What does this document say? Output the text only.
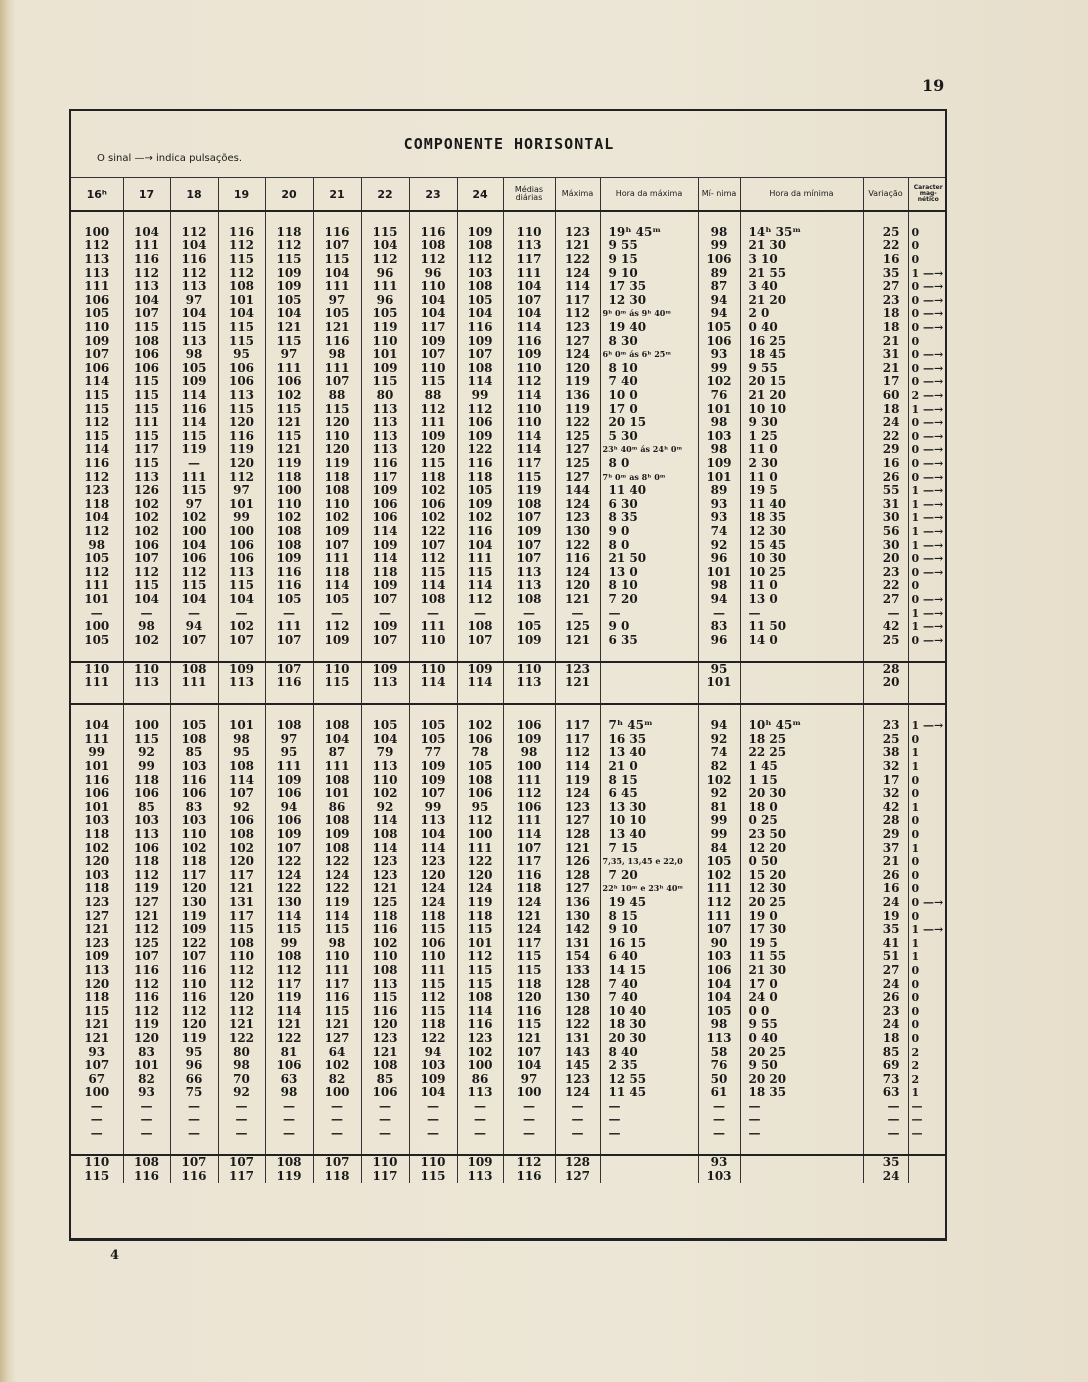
19
COMPONENTE HORISONTAL
O sinal —→ indica pulsações.
16ʰ	17	18	19	20	21	22	23	24	Médias diárias	Máxima	Hora da máxima	Mí- nima	Hora da mínima	Variação	Caracter mag- nético

100	104	112	116	118	116	115	116	109	110	123	19ʰ 45ᵐ	98	14ʰ 35ᵐ	25	0
112	111	104	112	112	107	104	108	108	113	121	9 55	99	21 30	22	0
113	116	116	115	115	115	112	112	112	117	122	9 15	106	3 10	16	0
113	112	112	112	109	104	96	96	103	111	124	9 10	89	21 55	35	1 —→
111	113	113	108	109	111	111	110	108	104	114	17 35	87	3 40	27	0 —→
106	104	97	101	105	97	96	104	105	107	117	12 30	94	21 20	23	0 —→
105	107	104	104	104	105	105	104	104	104	112	9ʰ 0ᵐ ás 9ʰ 40ᵐ	94	2 0	18	0 —→
110	115	115	115	121	121	119	117	116	114	123	19 40	105	0 40	18	0 —→
109	108	113	115	115	116	110	109	109	116	127	8 30	106	16 25	21	0
107	106	98	95	97	98	101	107	107	109	124	6ʰ 0ᵐ ás 6ʰ 25ᵐ	93	18 45	31	0 —→
106	106	105	106	111	111	109	110	108	110	120	8 10	99	9 55	21	0 —→
114	115	109	106	106	107	115	115	114	112	119	7 40	102	20 15	17	0 —→
115	115	114	113	102	88	80	88	99	114	136	10 0	76	21 20	60	2 —→
115	115	116	115	115	115	113	112	112	110	119	17 0	101	10 10	18	1 —→
112	111	114	120	121	120	113	111	106	110	122	20 15	98	9 30	24	0 —→
115	115	115	116	115	110	113	109	109	114	125	5 30	103	1 25	22	0 —→
114	117	119	119	121	120	113	120	122	114	127	23ʰ 40ᵐ ás 24ʰ 0ᵐ	98	11 0	29	0 —→
116	115	—	120	119	119	116	115	116	117	125	8 0	109	2 30	16	0 —→
112	113	111	112	118	118	117	118	118	115	127	7ʰ 0ᵐ as 8ʰ 0ᵐ	101	11 0	26	0 —→
123	126	115	97	100	108	109	102	105	119	144	11 40	89	19 5	55	1 —→
118	102	97	101	110	110	106	106	109	108	124	6 30	93	11 40	31	1 —→
104	102	102	99	102	102	106	102	102	107	123	8 35	93	18 35	30	1 —→
112	102	100	100	108	109	114	122	116	109	130	9 0	74	12 30	56	1 —→
98	106	104	106	108	107	109	107	104	107	122	8 0	92	15 45	30	1 —→
105	107	106	106	109	111	114	112	111	107	116	21 50	96	10 30	20	0 —→
112	112	112	113	116	118	118	115	115	113	124	13 0	101	10 25	23	0 —→
111	115	115	115	116	114	109	114	114	113	120	8 10	98	11 0	22	0
101	104	104	104	105	105	107	108	112	108	121	7 20	94	13 0	27	0 —→
—	—	—	—	—	—	—	—	—	—	—	—	—	—	—	1 —→
100	98	94	102	111	112	109	111	108	105	125	9 0	83	11 50	42	1 —→
105	102	107	107	107	109	107	110	107	109	121	6 35	96	14 0	25	0 —→

110	110	108	109	107	110	109	110	109	110	123		95		28	
111	113	111	113	116	115	113	114	114	113	121		101		20	

104	100	105	101	108	108	105	105	102	106	117	7ʰ 45ᵐ	94	10ʰ 45ᵐ	23	1 —→
111	115	108	98	97	104	104	105	106	109	117	16 35	92	18 25	25	0
99	92	85	95	95	87	79	77	78	98	112	13 40	74	22 25	38	1
101	99	103	108	111	111	113	109	105	100	114	21 0	82	1 45	32	1
116	118	116	114	109	108	110	109	108	111	119	8 15	102	1 15	17	0
106	106	106	107	106	101	102	107	106	112	124	6 45	92	20 30	32	0
101	85	83	92	94	86	92	99	95	106	123	13 30	81	18 0	42	1
103	103	103	106	106	108	114	113	112	111	127	10 10	99	0 25	28	0
118	113	110	108	109	109	108	104	100	114	128	13 40	99	23 50	29	0
102	106	102	102	107	108	114	114	111	107	121	7 15	84	12 20	37	1
120	118	118	120	122	122	123	123	122	117	126	7,35, 13,45 e 22,0	105	0 50	21	0
103	112	117	117	124	124	123	120	120	116	128	7 20	102	15 20	26	0
118	119	120	121	122	122	121	124	124	118	127	22ʰ 10ᵐ e 23ʰ 40ᵐ	111	12 30	16	0
123	127	130	131	130	119	125	124	119	124	136	19 45	112	20 25	24	0 —→
127	121	119	117	114	114	118	118	118	121	130	8 15	111	19 0	19	0
121	112	109	115	115	115	116	115	115	124	142	9 10	107	17 30	35	1 —→
123	125	122	108	99	98	102	106	101	117	131	16 15	90	19 5	41	1
109	107	107	110	108	110	110	110	112	115	154	6 40	103	11 55	51	1
113	116	116	112	112	111	108	111	115	115	133	14 15	106	21 30	27	0
120	112	110	112	117	117	113	115	115	118	128	7 40	104	17 0	24	0
118	116	116	120	119	116	115	112	108	120	130	7 40	104	24 0	26	0
115	112	112	112	114	115	116	115	114	116	128	10 40	105	0 0	23	0
121	119	120	121	121	121	120	118	116	115	122	18 30	98	9 55	24	0
121	120	119	122	122	127	123	122	123	121	131	20 30	113	0 40	18	0
93	83	95	80	81	64	121	94	102	107	143	8 40	58	20 25	85	2
107	101	96	98	106	102	108	103	100	104	145	2 35	76	9 50	69	2
67	82	66	70	63	82	85	109	86	97	123	12 55	50	20 20	73	2
100	93	75	92	98	100	106	104	113	100	124	11 45	61	18 35	63	1
—	—	—	—	—	—	—	—	—	—	—	—	—	—	—	—
—	—	—	—	—	—	—	—	—	—	—	—	—	—	—	—
—	—	—	—	—	—	—	—	—	—	—	—	—	—	—	—

110	108	107	107	108	107	110	110	109	112	128		93		35	
115	116	116	117	119	118	117	115	113	116	127		103		24	
4
